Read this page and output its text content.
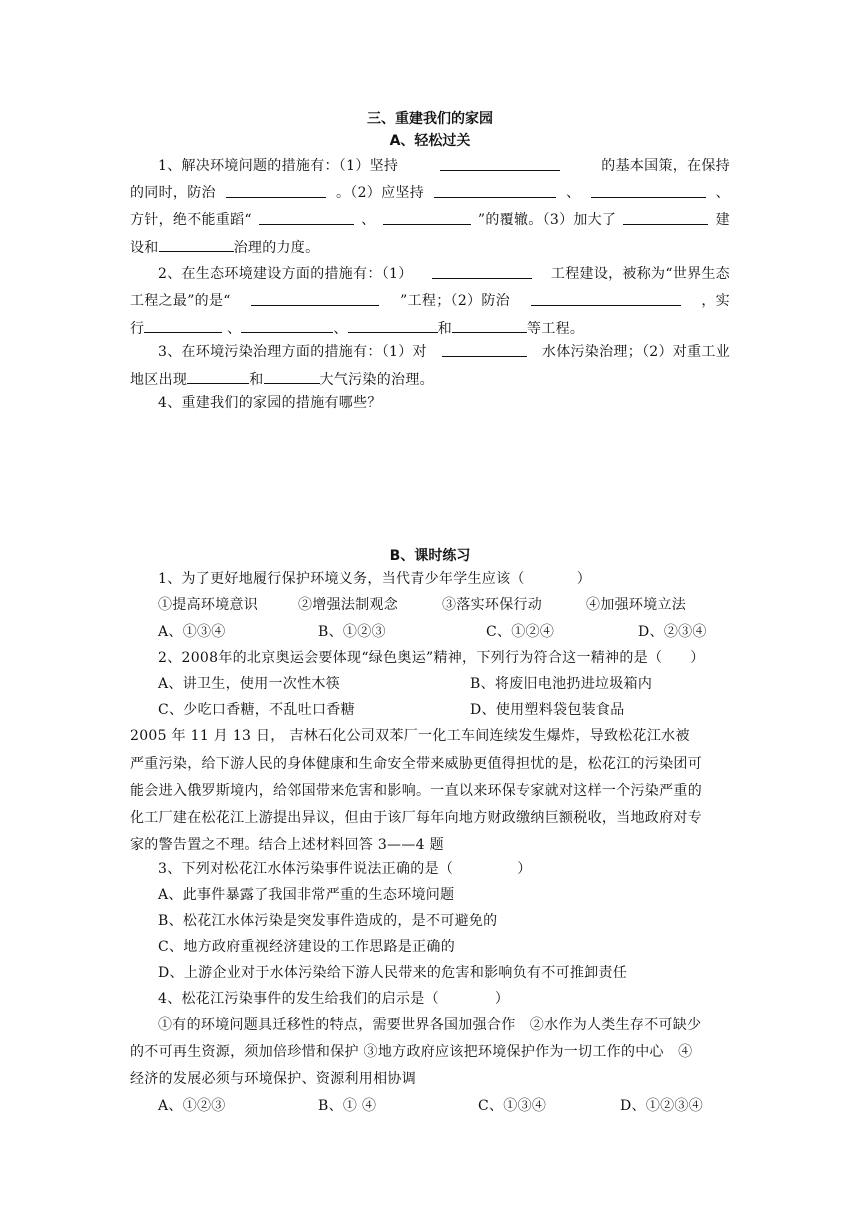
三、重建我们的家园
A、轻松过关
1、解决环境问题的措施有：（1）坚持	的基本国策，在保持
的同时，防治	。（2）应坚持	、	、
方针，绝不能重蹈“	、	”的覆辙。（3）加大了	建
设和	治理的力度。
2、在生态环境建设方面的措施有：（1）	工程建设，被称为“世界生态
工程之最”的是“	”工程；（2）防治	，实
行	、	、	和	等工程。
3、在环境污染治理方面的措施有：（1）对	水体污染治理；（2）对重工业
地区出现	和	大气污染的治理。
4、重建我们的家园的措施有哪些？
B、课时练习
1、为了更好地履行保护环境义务，当代青少年学生应该（	）
①提高环境意识	②增强法制观念	③落实环保行动	④加强环境立法
A、①③④	B、①②③	C、①②④	D、②③④
2、2008年的北京奥运会要体现“绿色奥运”精神，下列行为符合这一精神的是（ ）
A、讲卫生，使用一次性木筷	B、将废旧电池扔进垃圾箱内
C、少吃口香糖，不乱吐口香糖	D、使用塑料袋包装食品
2005 年 11 月 13 日， 吉林石化公司双苯厂一化工车间连续发生爆炸，导致松花江水被
严重污染，给下游人民的身体健康和生命安全带来威胁更值得担忧的是，松花江的污染团可
能会进入俄罗斯境内，给邻国带来危害和影响。一直以来环保专家就对这样一个污染严重的
化工厂建在松花江上游提出异议，但由于该厂每年向地方财政缴纳巨额税收，当地政府对专
家的警告置之不理。结合上述材料回答 3——4 题
3、下列对松花江水体污染事件说法正确的是（	）
A、此事件暴露了我国非常严重的生态环境问题
B、松花江水体污染是突发事件造成的，是不可避免的
C、地方政府重视经济建设的工作思路是正确的
D、上游企业对于水体污染给下游人民带来的危害和影响负有不可推卸责任
4、松花江污染事件的发生给我们的启示是（	）
①有的环境问题具迁移性的特点，需要世界各国加强合作　②水作为人类生存不可缺少
的不可再生资源，须加倍珍惜和保护 ③地方政府应该把环境保护作为一切工作的中心　④
经济的发展必须与环境保护、资源利用相协调
A、①②③	B、① ④	C、①③④	D、①②③④
